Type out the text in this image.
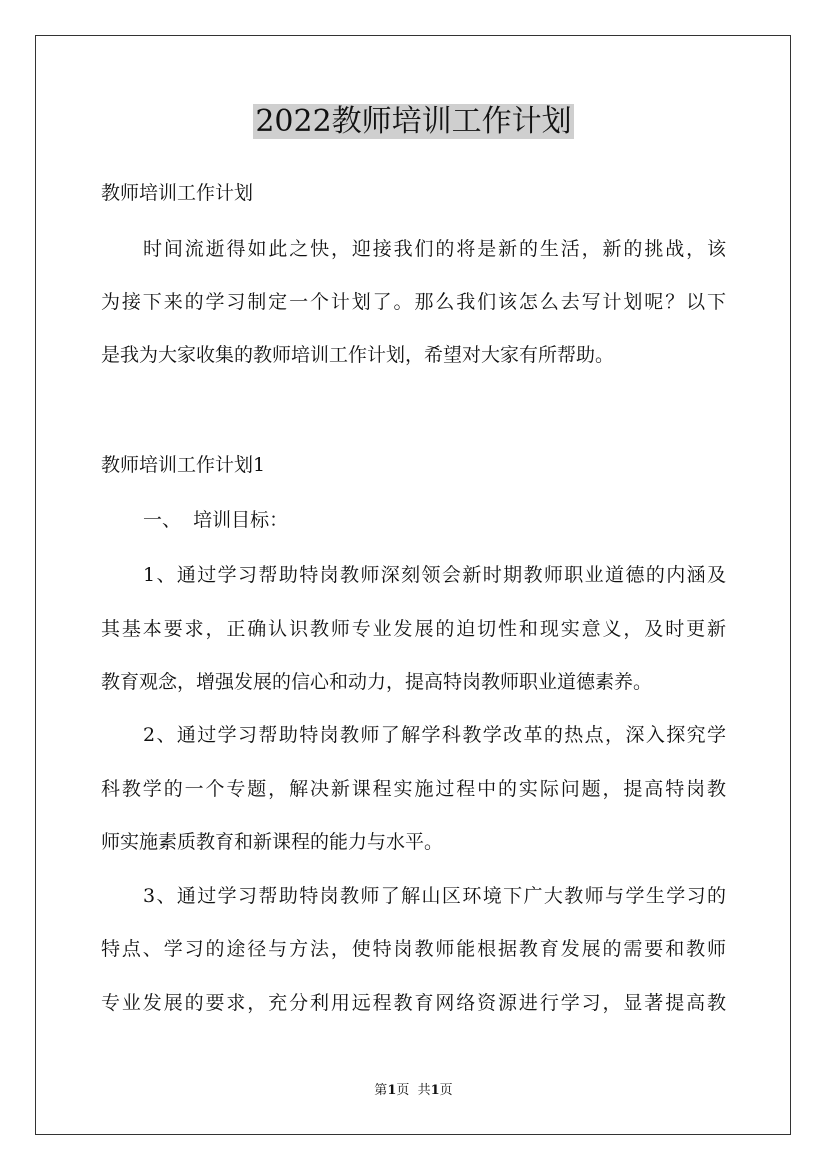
2022教师培训工作计划

教师培训工作计划

时间流逝得如此之快，迎接我们的将是新的生活，新的挑战，该
为接下来的学习制定一个计划了。那么我们该怎么去写计划呢？以下
是我为大家收集的教师培训工作计划，希望对大家有所帮助。

教师培训工作计划1

一、  培训目标：

1、通过学习帮助特岗教师深刻领会新时期教师职业道德的内涵及
其基本要求，正确认识教师专业发展的迫切性和现实意义，及时更新
教育观念，增强发展的信心和动力，提高特岗教师职业道德素养。
2、通过学习帮助特岗教师了解学科教学改革的热点，深入探究学
科教学的一个专题，解决新课程实施过程中的实际问题，提高特岗教
师实施素质教育和新课程的能力与水平。
3、通过学习帮助特岗教师了解山区环境下广大教师与学生学习的
特点、学习的途径与方法，使特岗教师能根据教育发展的需要和教师
专业发展的要求，充分利用远程教育网络资源进行学习，显著提高教
第1页  共1页
